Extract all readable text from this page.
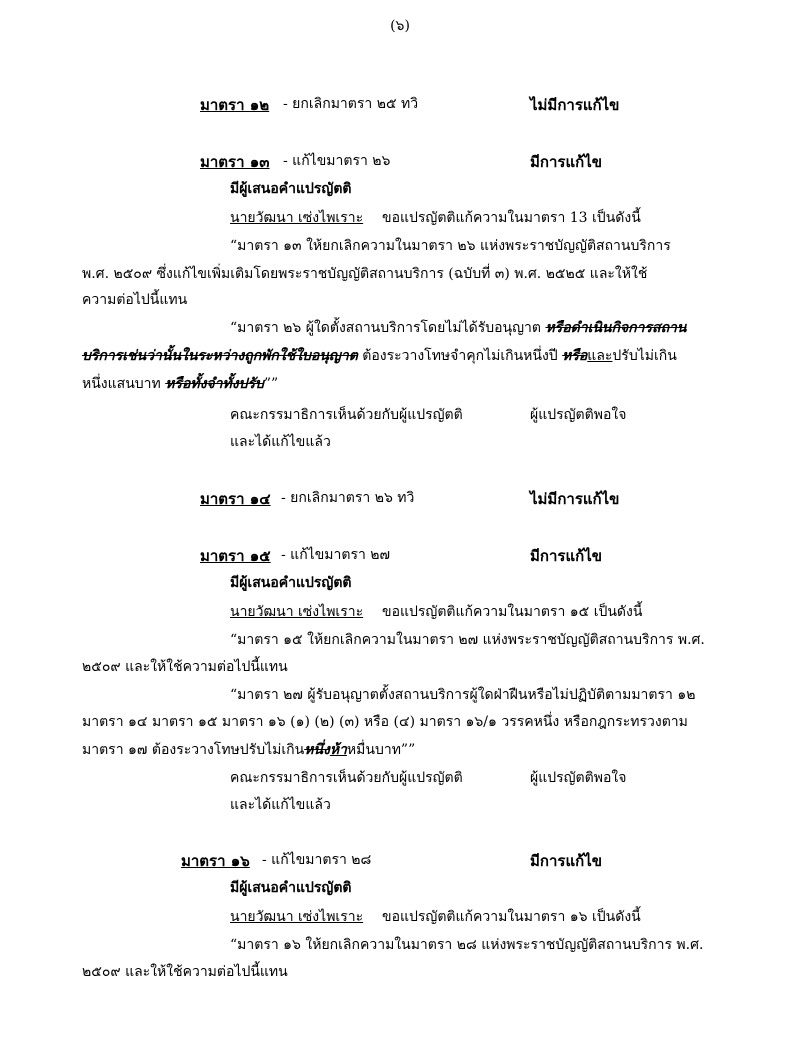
(๖)
มาตรา ๑๒ - ยกเลิกมาตรา ๒๕ ทวิ	ไม่มีการแก้ไข
มาตรา ๑๓ - แก้ไขมาตรา ๒๖	มีการแก้ไข
มีผู้เสนอคำแปรญัตติ
นายวัฒนา เซ่งไพเราะ ขอแปรญัตติแก้ความในมาตรา 13 เป็นดังนี้
“มาตรา ๑๓ ให้ยกเลิกความในมาตรา ๒๖ แห่งพระราชบัญญัติสถานบริการ
พ.ศ. ๒๕๐๙ ซึ่งแก้ไขเพิ่มเติมโดยพระราชบัญญัติสถานบริการ (ฉบับที่ ๓) พ.ศ. ๒๕๒๕ และให้ใช้
ความต่อไปนี้แทน
“มาตรา ๒๖ ผู้ใดตั้งสถานบริการโดยไม่ได้รับอนุญาต หรือดำเนินกิจการสถาน
บริการเช่นว่านั้นในระหว่างถูกพักใช้ใบอนุญาต ต้องระวางโทษจำคุกไม่เกินหนึ่งปี หรือและปรับไม่เกิน
หนึ่งแสนบาท หรือทั้งจำทั้งปรับ””
คณะกรรมาธิการเห็นด้วยกับผู้แปรญัตติ	ผู้แปรญัตติพอใจ
และได้แก้ไขแล้ว
มาตรา ๑๔ - ยกเลิกมาตรา ๒๖ ทวิ	ไม่มีการแก้ไข
มาตรา ๑๕ - แก้ไขมาตรา ๒๗	มีการแก้ไข
มีผู้เสนอคำแปรญัตติ
นายวัฒนา เซ่งไพเราะ ขอแปรญัตติแก้ความในมาตรา ๑๕ เป็นดังนี้
“มาตรา ๑๕ ให้ยกเลิกความในมาตรา ๒๗ แห่งพระราชบัญญัติสถานบริการ พ.ศ.
๒๕๐๙ และให้ใช้ความต่อไปนี้แทน
“มาตรา ๒๗ ผู้รับอนุญาตตั้งสถานบริการผู้ใดฝ่าฝืนหรือไม่ปฏิบัติตามมาตรา ๑๒
มาตรา ๑๔ มาตรา ๑๕ มาตรา ๑๖ (๑) (๒) (๓) หรือ (๔) มาตรา ๑๖/๑ วรรคหนึ่ง หรือกฎกระทรวงตาม
มาตรา ๑๗ ต้องระวางโทษปรับไม่เกินหนึ่งห้าหมื่นบาท””
คณะกรรมาธิการเห็นด้วยกับผู้แปรญัตติ	ผู้แปรญัตติพอใจ
และได้แก้ไขแล้ว
มาตรา ๑๖ - แก้ไขมาตรา ๒๘	มีการแก้ไข
มีผู้เสนอคำแปรญัตติ
นายวัฒนา เซ่งไพเราะ ขอแปรญัตติแก้ความในมาตรา ๑๖ เป็นดังนี้
“มาตรา ๑๖ ให้ยกเลิกความในมาตรา ๒๘ แห่งพระราชบัญญัติสถานบริการ พ.ศ.
๒๕๐๙ และให้ใช้ความต่อไปนี้แทน
